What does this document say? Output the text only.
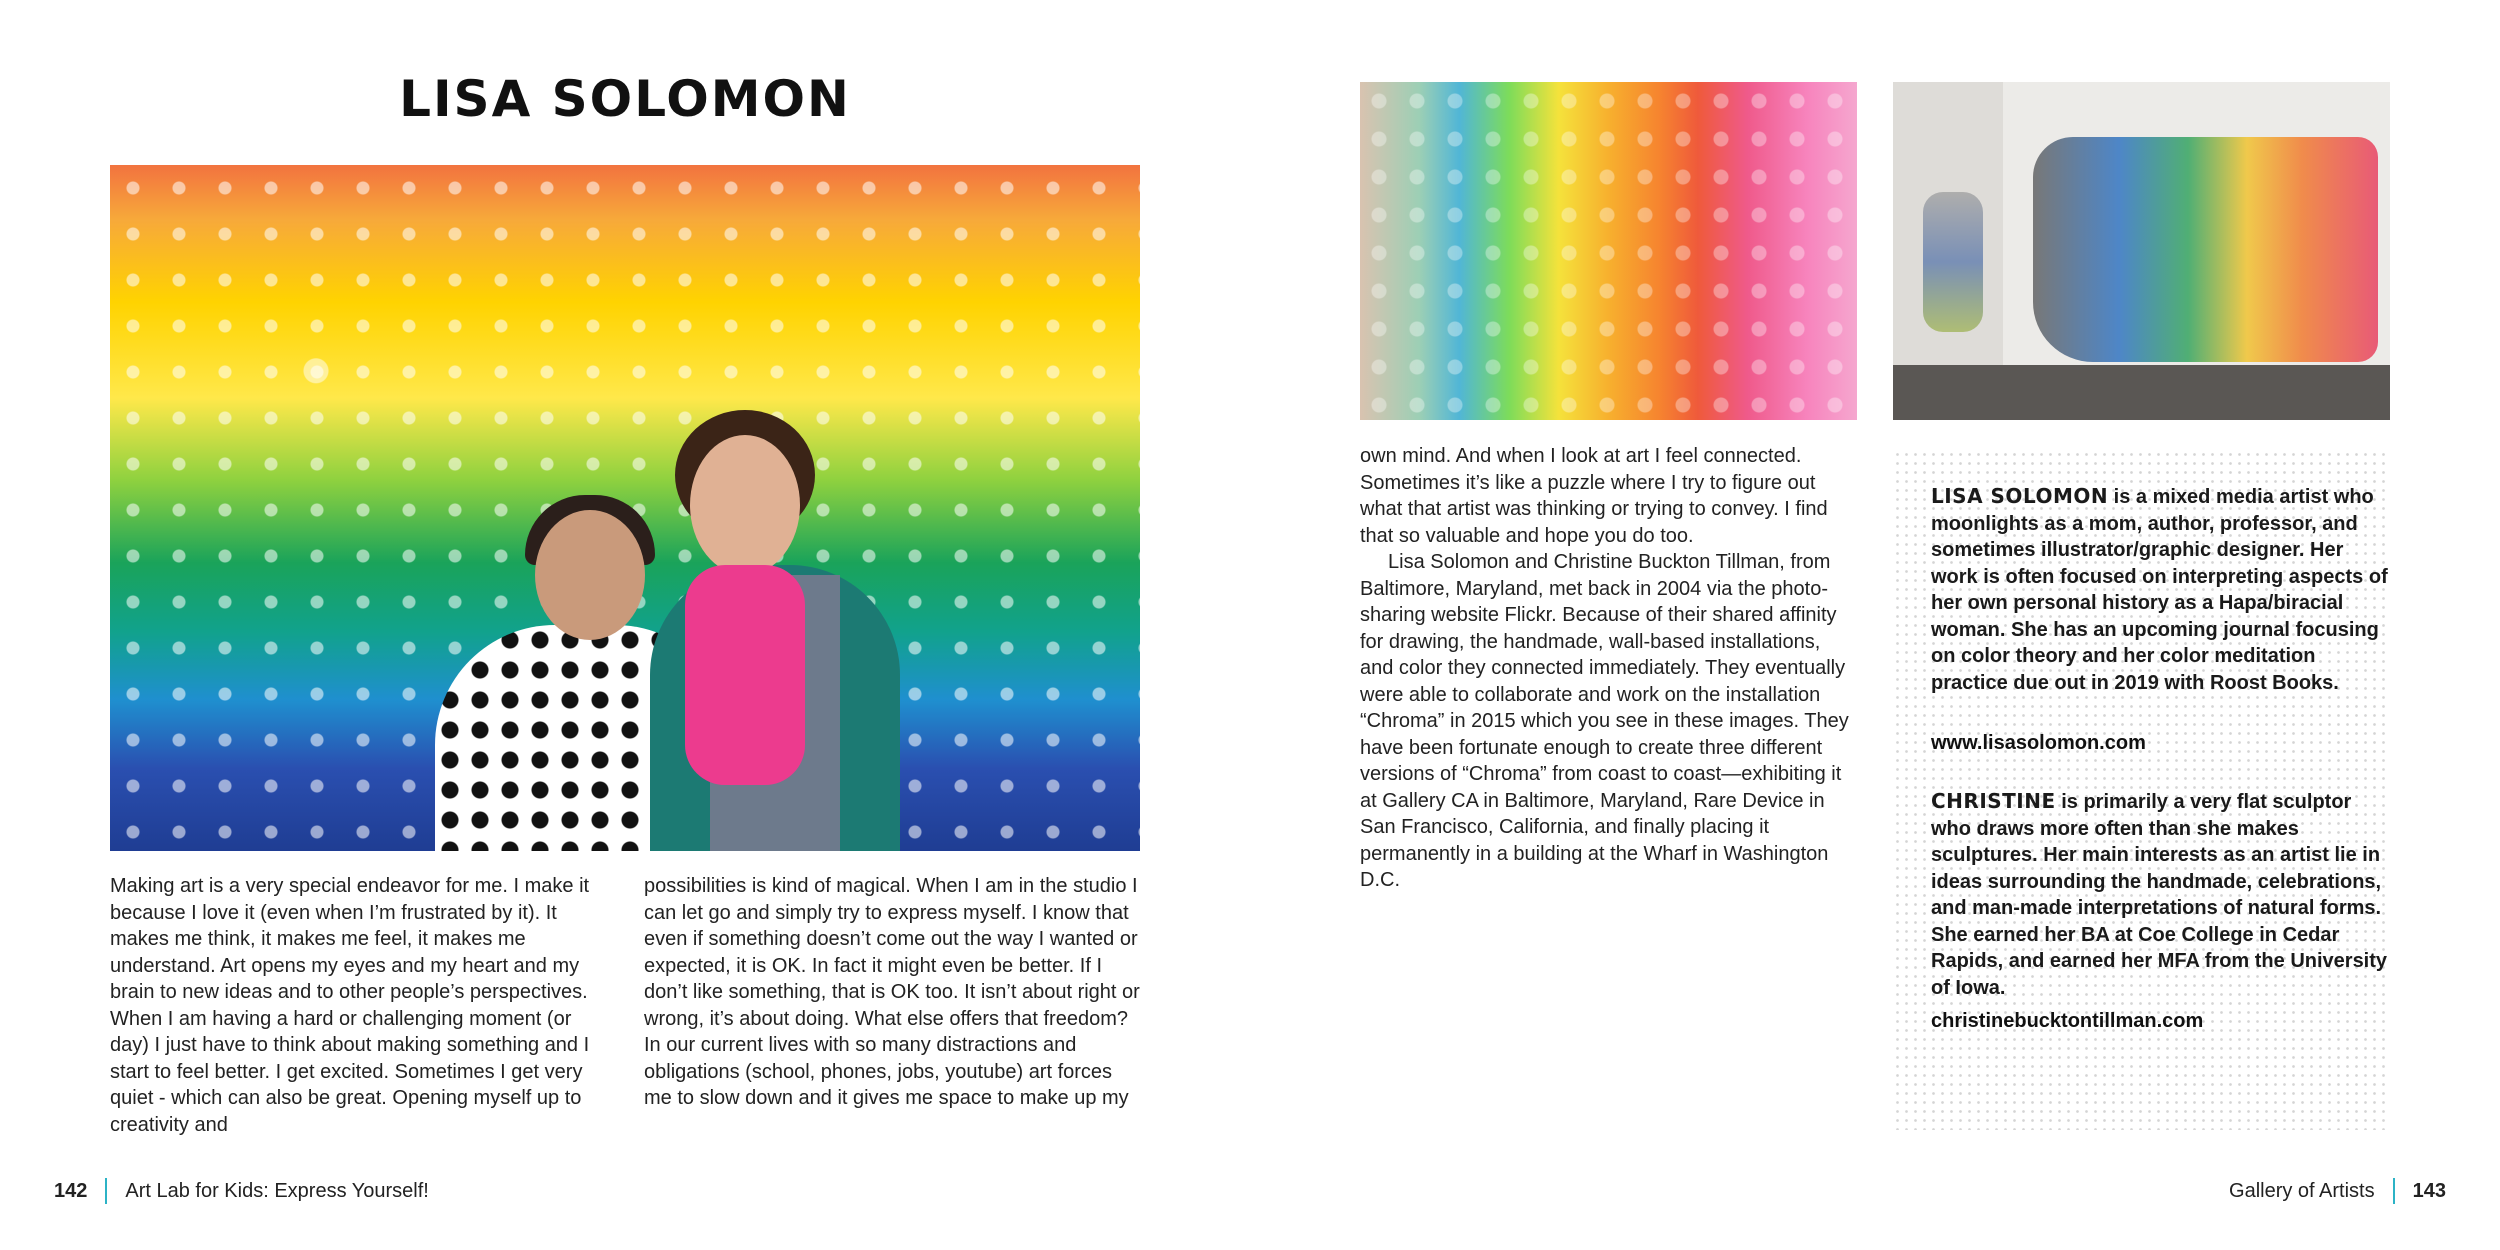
LISA SOLOMON

Making art is a very special endeavor for me. I make it because I love it (even when I’m frustrated by it). It makes me think, it makes me feel, it makes me understand. Art opens my eyes and my heart and my brain to new ideas and to other people’s perspectives. When I am having a hard or challenging moment (or day) I just have to think about making something and I start to feel better. I get excited. Sometimes I get very quiet - which can also be great. Opening myself up to creativity and

possibilities is kind of magical. When I am in the studio I can let go and simply try to express myself. I know that even if something doesn’t come out the way I wanted or expected, it is OK. In fact it might even be better. If I don’t like something, that is OK too. It isn’t about right or wrong, it’s about doing. What else offers that freedom? In our current lives with so many distractions and obligations (school, phones, jobs, youtube) art forces me to slow down and it gives me space to make up my

142 Art Lab for Kids: Express Yourself!

own mind. And when I look at art I feel connected. Sometimes it’s like a puzzle where I try to figure out what that artist was thinking or trying to convey. I find that so valuable and hope you do too.

Lisa Solomon and Christine Buckton Tillman, from Baltimore, Maryland, met back in 2004 via the photo-sharing website Flickr. Because of their shared affinity for drawing, the handmade, wall-based installations, and color they connected immediately. They eventually were able to collaborate and work on the installation “Chroma” in 2015 which you see in these images. They have been fortunate enough to create three different versions of “Chroma” from coast to coast—exhibiting it at Gallery CA in Baltimore, Maryland, Rare Device in San Francisco, California, and finally placing it permanently in a building at the Wharf in Washington D.C.

LISA SOLOMON is a mixed media artist who moonlights as a mom, author, professor, and sometimes illustrator/graphic designer. Her work is often focused on interpreting aspects of her own personal history as a Hapa/biracial woman. She has an upcoming journal focusing on color theory and her color meditation practice due out in 2019 with Roost Books.

www.lisasolomon.com

CHRISTINE is primarily a very flat sculptor who draws more often than she makes sculptures. Her main interests as an artist lie in ideas surrounding the handmade, celebrations, and man-made interpretations of natural forms. She earned her BA at Coe College in Cedar Rapids, and earned her MFA from the University of Iowa.

christinebucktontillman.com
Gallery of Artists 143
